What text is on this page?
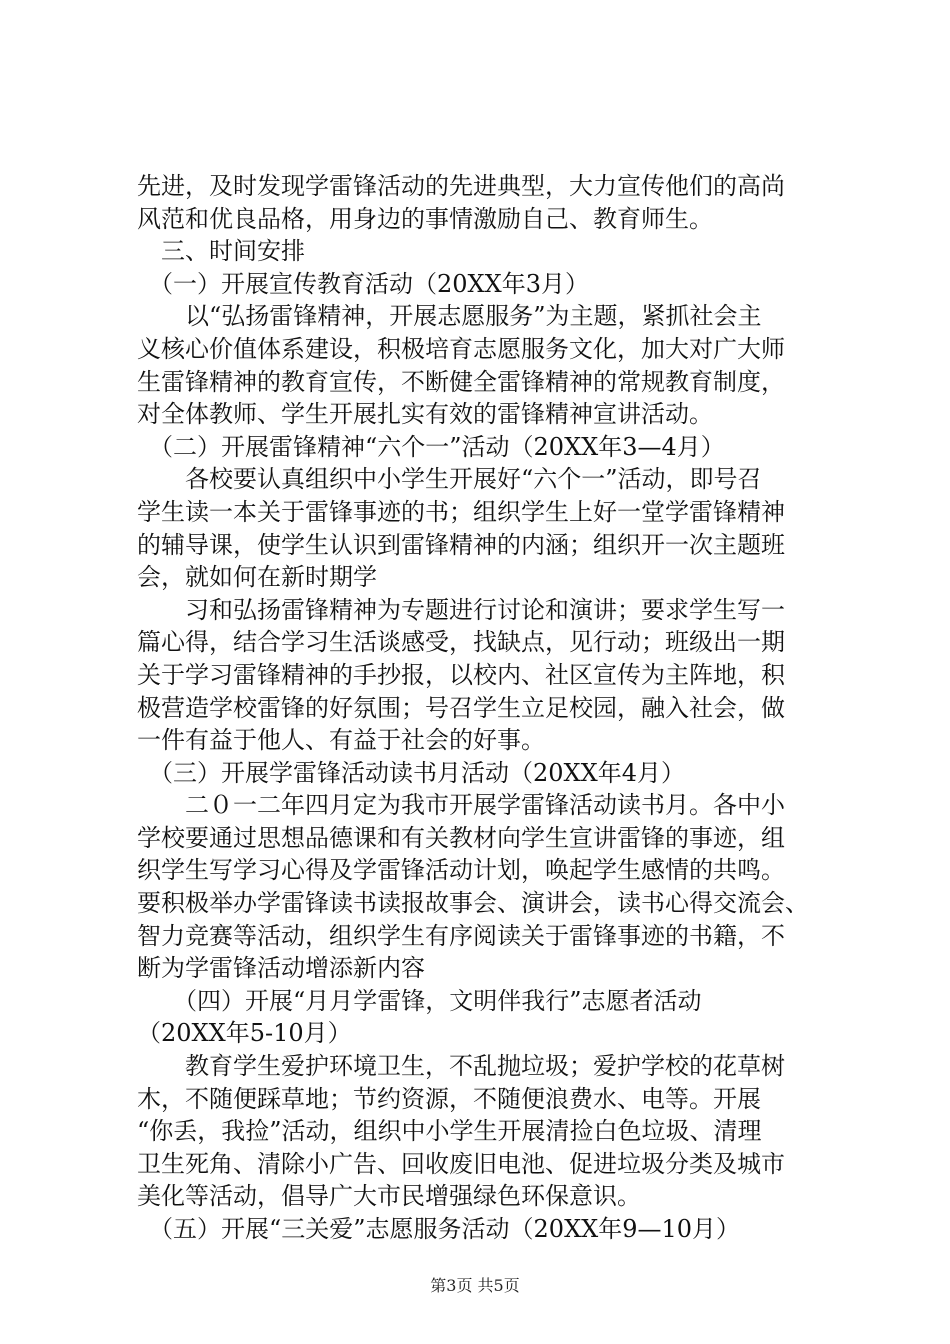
先进，及时发现学雷锋活动的先进典型，大力宣传他们的高尚
风范和优良品格，用身边的事情激励自己、教育师生。
　三、时间安排
　（一）开展宣传教育活动（20XX年3月）
　　以“弘扬雷锋精神，开展志愿服务”为主题，紧抓社会主
义核心价值体系建设，积极培育志愿服务文化，加大对广大师
生雷锋精神的教育宣传，不断健全雷锋精神的常规教育制度，
对全体教师、学生开展扎实有效的雷锋精神宣讲活动。
　（二）开展雷锋精神“六个一”活动（20XX年3—4月）
　　各校要认真组织中小学生开展好“六个一”活动，即号召
学生读一本关于雷锋事迹的书；组织学生上好一堂学雷锋精神
的辅导课，使学生认识到雷锋精神的内涵；组织开一次主题班
会，就如何在新时期学
　　习和弘扬雷锋精神为专题进行讨论和演讲；要求学生写一
篇心得，结合学习生活谈感受，找缺点，见行动；班级出一期
关于学习雷锋精神的手抄报，以校内、社区宣传为主阵地，积
极营造学校雷锋的好氛围；号召学生立足校园，融入社会，做
一件有益于他人、有益于社会的好事。
　（三）开展学雷锋活动读书月活动（20XX年4月）
　　二０一二年四月定为我市开展学雷锋活动读书月。各中小
学校要通过思想品德课和有关教材向学生宣讲雷锋的事迹，组
织学生写学习心得及学雷锋活动计划，唤起学生感情的共鸣。
要积极举办学雷锋读书读报故事会、演讲会，读书心得交流会、
智力竞赛等活动，组织学生有序阅读关于雷锋事迹的书籍，不
断为学雷锋活动增添新内容
　　（四）开展“月月学雷锋，文明伴我行”志愿者活动
（20XX年5-10月）
　　教育学生爱护环境卫生，不乱抛垃圾；爱护学校的花草树
木，不随便踩草地；节约资源，不随便浪费水、电等。开展
“你丢，我捡”活动，组织中小学生开展清捡白色垃圾、清理
卫生死角、清除小广告、回收废旧电池、促进垃圾分类及城市
美化等活动，倡导广大市民增强绿色环保意识。
　（五）开展“三关爱”志愿服务活动（20XX年9—10月）
第3页 共5页
